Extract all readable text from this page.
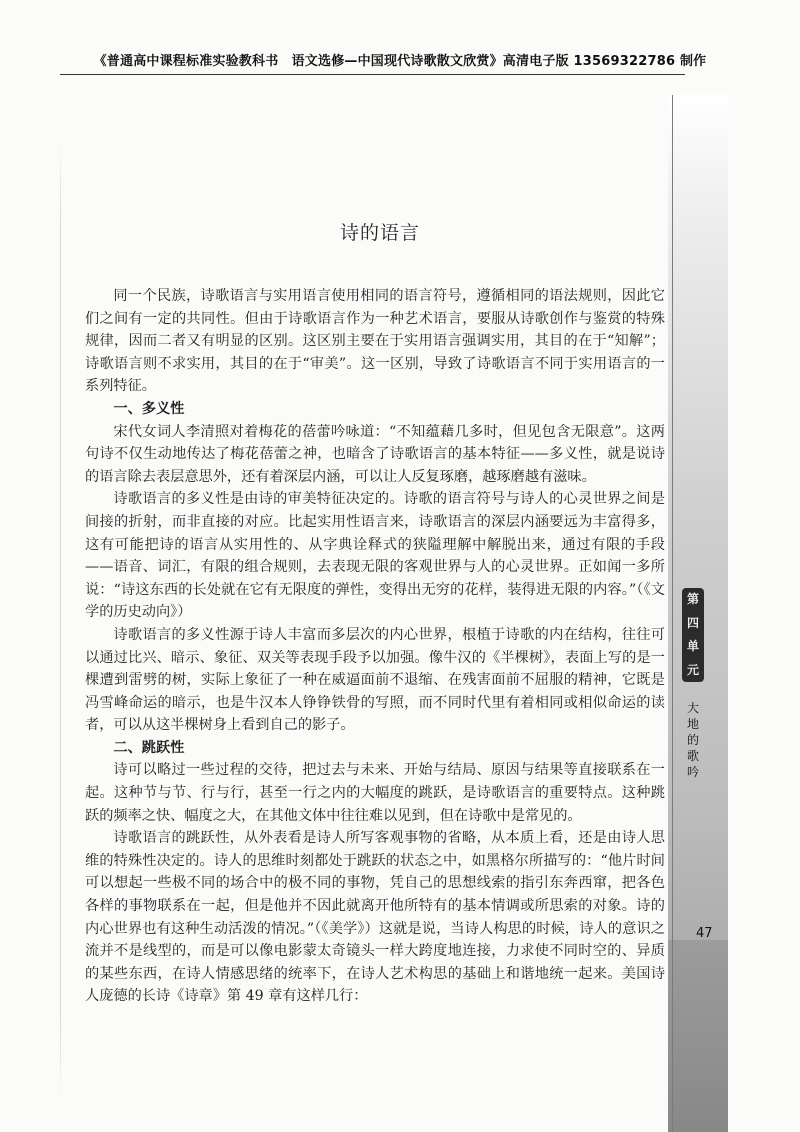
《普通高中课程标准实验教科书　语文选修—中国现代诗歌散文欣赏》高清电子版 13569322786 制作
诗的语言

同一个民族，诗歌语言与实用语言使用相同的语言符号，遵循相同的语法规则，因此它们之间有一定的共同性。但由于诗歌语言作为一种艺术语言，要服从诗歌创作与鉴赏的特殊规律，因而二者又有明显的区别。这区别主要在于实用语言强调实用，其目的在于“知解”；诗歌语言则不求实用，其目的在于“审美”。这一区别，导致了诗歌语言不同于实用语言的一系列特征。

一、多义性

宋代女词人李清照对着梅花的蓓蕾吟咏道：“不知蕴藉几多时，但见包含无限意”。这两句诗不仅生动地传达了梅花蓓蕾之神，也暗含了诗歌语言的基本特征——多义性，就是说诗的语言除去表层意思外，还有着深层内涵，可以让人反复琢磨，越琢磨越有滋味。

诗歌语言的多义性是由诗的审美特征决定的。诗歌的语言符号与诗人的心灵世界之间是间接的折射，而非直接的对应。比起实用性语言来，诗歌语言的深层内涵要远为丰富得多，这有可能把诗的语言从实用性的、从字典诠释式的狭隘理解中解脱出来，通过有限的手段——语音、词汇，有限的组合规则，去表现无限的客观世界与人的心灵世界。正如闻一多所说：“诗这东西的长处就在它有无限度的弹性，变得出无穷的花样，装得进无限的内容。”（《文学的历史动向》）

诗歌语言的多义性源于诗人丰富而多层次的内心世界，根植于诗歌的内在结构，往往可以通过比兴、暗示、象征、双关等表现手段予以加强。像牛汉的《半棵树》，表面上写的是一棵遭到雷劈的树，实际上象征了一种在威逼面前不退缩、在残害面前不屈服的精神，它既是冯雪峰命运的暗示，也是牛汉本人铮铮铁骨的写照，而不同时代里有着相同或相似命运的读者，可以从这半棵树身上看到自己的影子。

二、跳跃性

诗可以略过一些过程的交待，把过去与未来、开始与结局、原因与结果等直接联系在一起。这种节与节、行与行，甚至一行之内的大幅度的跳跃，是诗歌语言的重要特点。这种跳跃的频率之快、幅度之大，在其他文体中往往难以见到，但在诗歌中是常见的。

诗歌语言的跳跃性，从外表看是诗人所写客观事物的省略，从本质上看，还是由诗人思维的特殊性决定的。诗人的思维时刻都处于跳跃的状态之中，如黑格尔所描写的：“他片时间可以想起一些极不同的场合中的极不同的事物，凭自己的思想线索的指引东奔西窜，把各色各样的事物联系在一起，但是他并不因此就离开他所特有的基本情调或所思索的对象。诗的内心世界也有这种生动活泼的情况。”（《美学》）这就是说，当诗人构思的时候，诗人的意识之流并不是线型的，而是可以像电影蒙太奇镜头一样大跨度地连接，力求使不同时空的、异质的某些东西，在诗人情感思绪的统率下，在诗人艺术构思的基础上和谐地统一起来。美国诗人庞德的长诗《诗章》第 49 章有这样几行：

第
四
单
元
大
地
的
歌
吟
47
